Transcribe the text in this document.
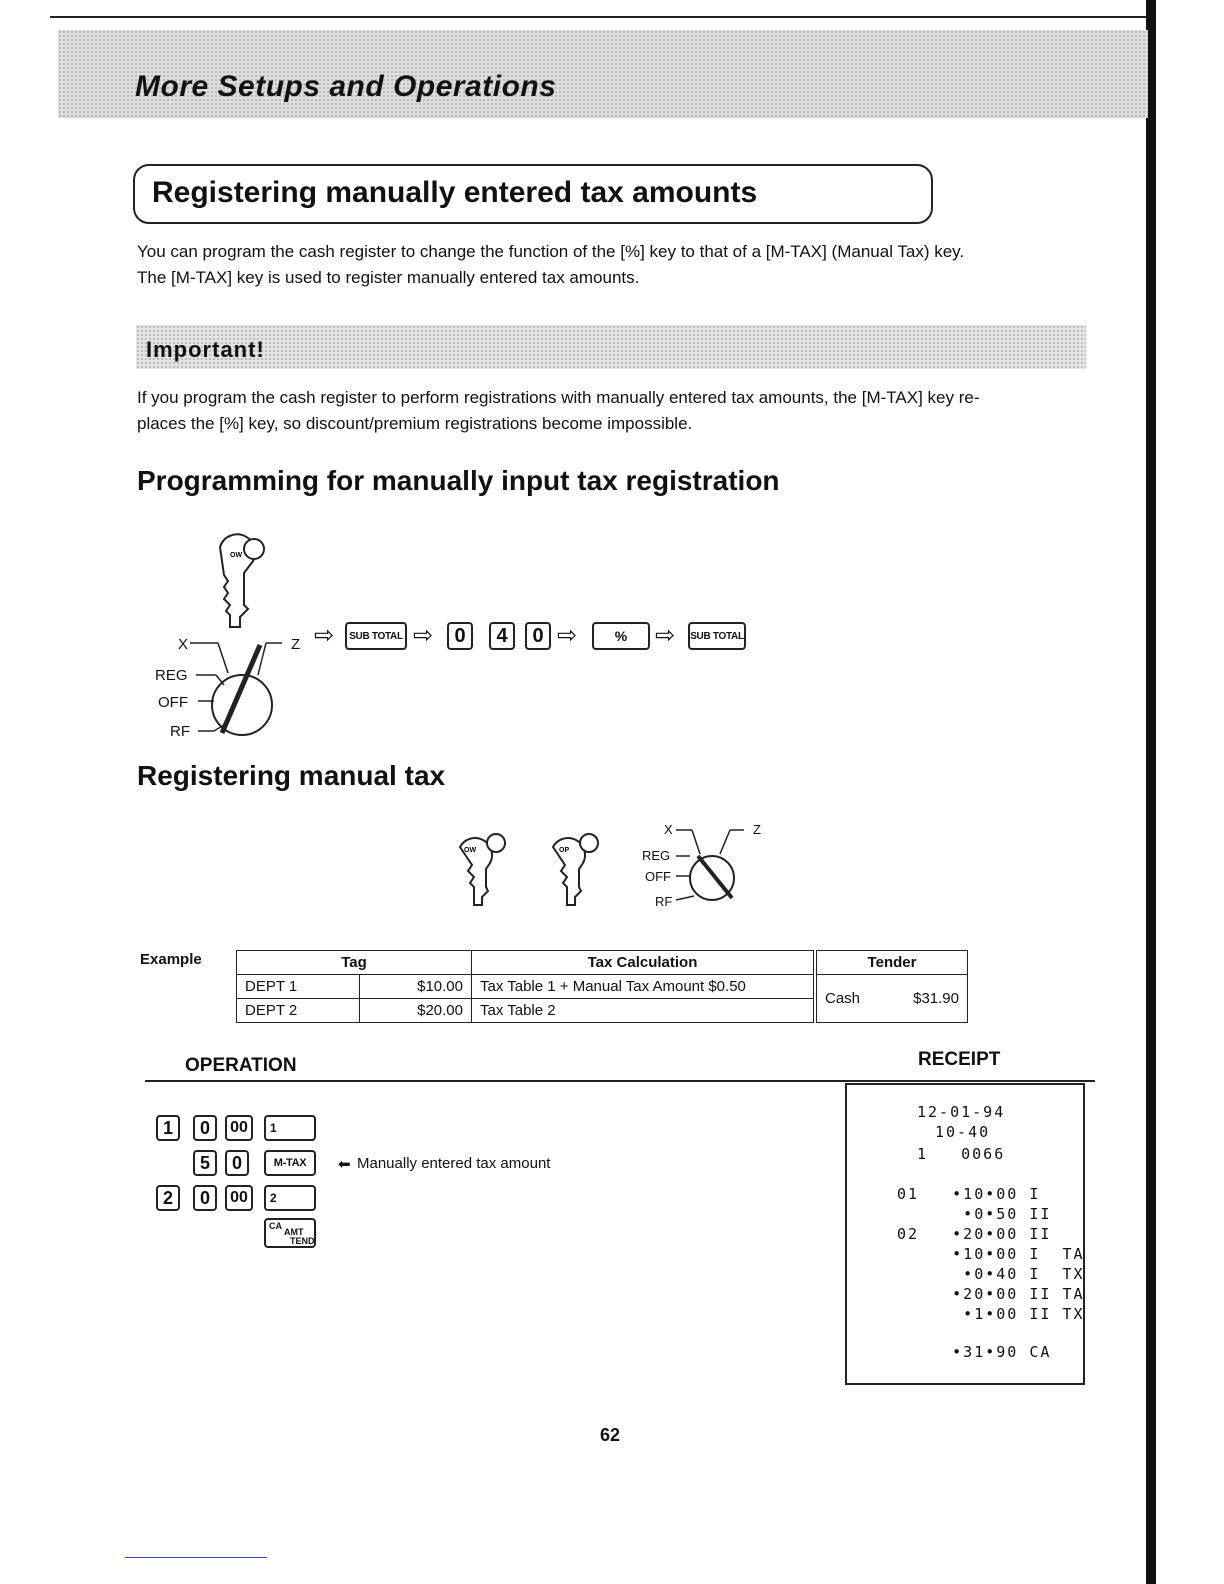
More Setups and Operations
Registering manually entered tax amounts
You can program the cash register to change the function of the [%] key to that of a [M-TAX] (Manual Tax) key.
The [M-TAX] key is used to register manually entered tax amounts.
Important!
If you program the cash register to perform registrations with manually entered tax amounts, the [M-TAX] key re-
places the [%] key, so discount/premium registrations become impossible.
Programming for manually input tax registration
OW
X	Z
REG
OFF
RF
⇨	SUB TOTAL ⇨	0	4	0 ⇨	%	⇨ SUB TOTAL
Registering manual tax
OW	OP
X	Z
REG
OFF
RF
Example	Tag		Tax Calculation	Tender	
DEPT 1	$10.00	Tax Table 1 + Manual Tax Amount $0.50	Cash	$31.90
DEPT 2	$20.00	Tax Table 2		
OPERATION	RECEIPT
1	0	00	1
5	0	M-TAX	⬅ Manually entered tax amount
2	0	00	2
CA
AMT
TEND
12-01-94
10-40
1   0066
01   •10•00 I
•0•50 II
02   •20•00 II
•10•00 I  TA
•0•40 I  TX
•20•00 II TA
•1•00 II TX
•31•90 CA
62
